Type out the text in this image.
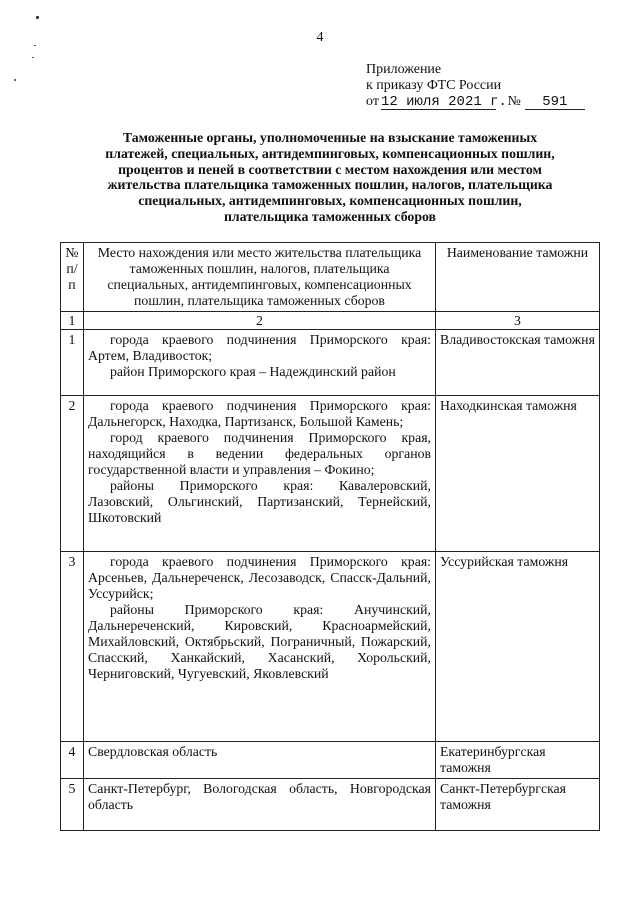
4
Приложение
к приказу ФТС России
от 12 июля 2021 г. № 591
Таможенные органы, уполномоченные на взыскание таможенных
платежей, специальных, антидемпинговых, компенсационных пошлин,
процентов и пеней в соответствии с местом нахождения или местом
жительства плательщика таможенных пошлин, налогов, плательщика
специальных, антидемпинговых, компенсационных пошлин,
плательщика таможенных сборов
№ п/п	Место нахождения или место жительства плательщика таможенных пошлин, налогов, плательщика специальных, антидемпинговых, компенсационных пошлин, плательщика таможенных сборов	Наименование таможни
1	2	3
1	города краевого подчинения Приморского края: Артем, Владивосток;

район Приморского края – Надеждинский район	Владивостокская таможня
2	города краевого подчинения Приморского края: Дальнегорск, Находка, Партизанск, Большой Камень;

город краевого подчинения Приморского края, находящийся в ведении федеральных органов государственной власти и управления – Фокино;

районы Приморского края: Кавалеровский, Лазовский, Ольгинский, Партизанский, Тернейский, Шкотовский	Находкинская таможня
3	города краевого подчинения Приморского края: Арсеньев, Дальнереченск, Лесозаводск, Спасск-Дальний, Уссурийск;

районы Приморского края: Анучинский, Дальнереченский, Кировский, Красноармейский, Михайловский, Октябрьский, Пограничный, Пожарский, Спасский, Ханкайский, Хасанский, Хорольский, Черниговский, Чугуевский, Яковлевский	Уссурийская таможня
4	Свердловская область	Екатеринбургская таможня
5	Санкт-Петербург, Вологодская область, Новгородская область	Санкт-Петербургская таможня
